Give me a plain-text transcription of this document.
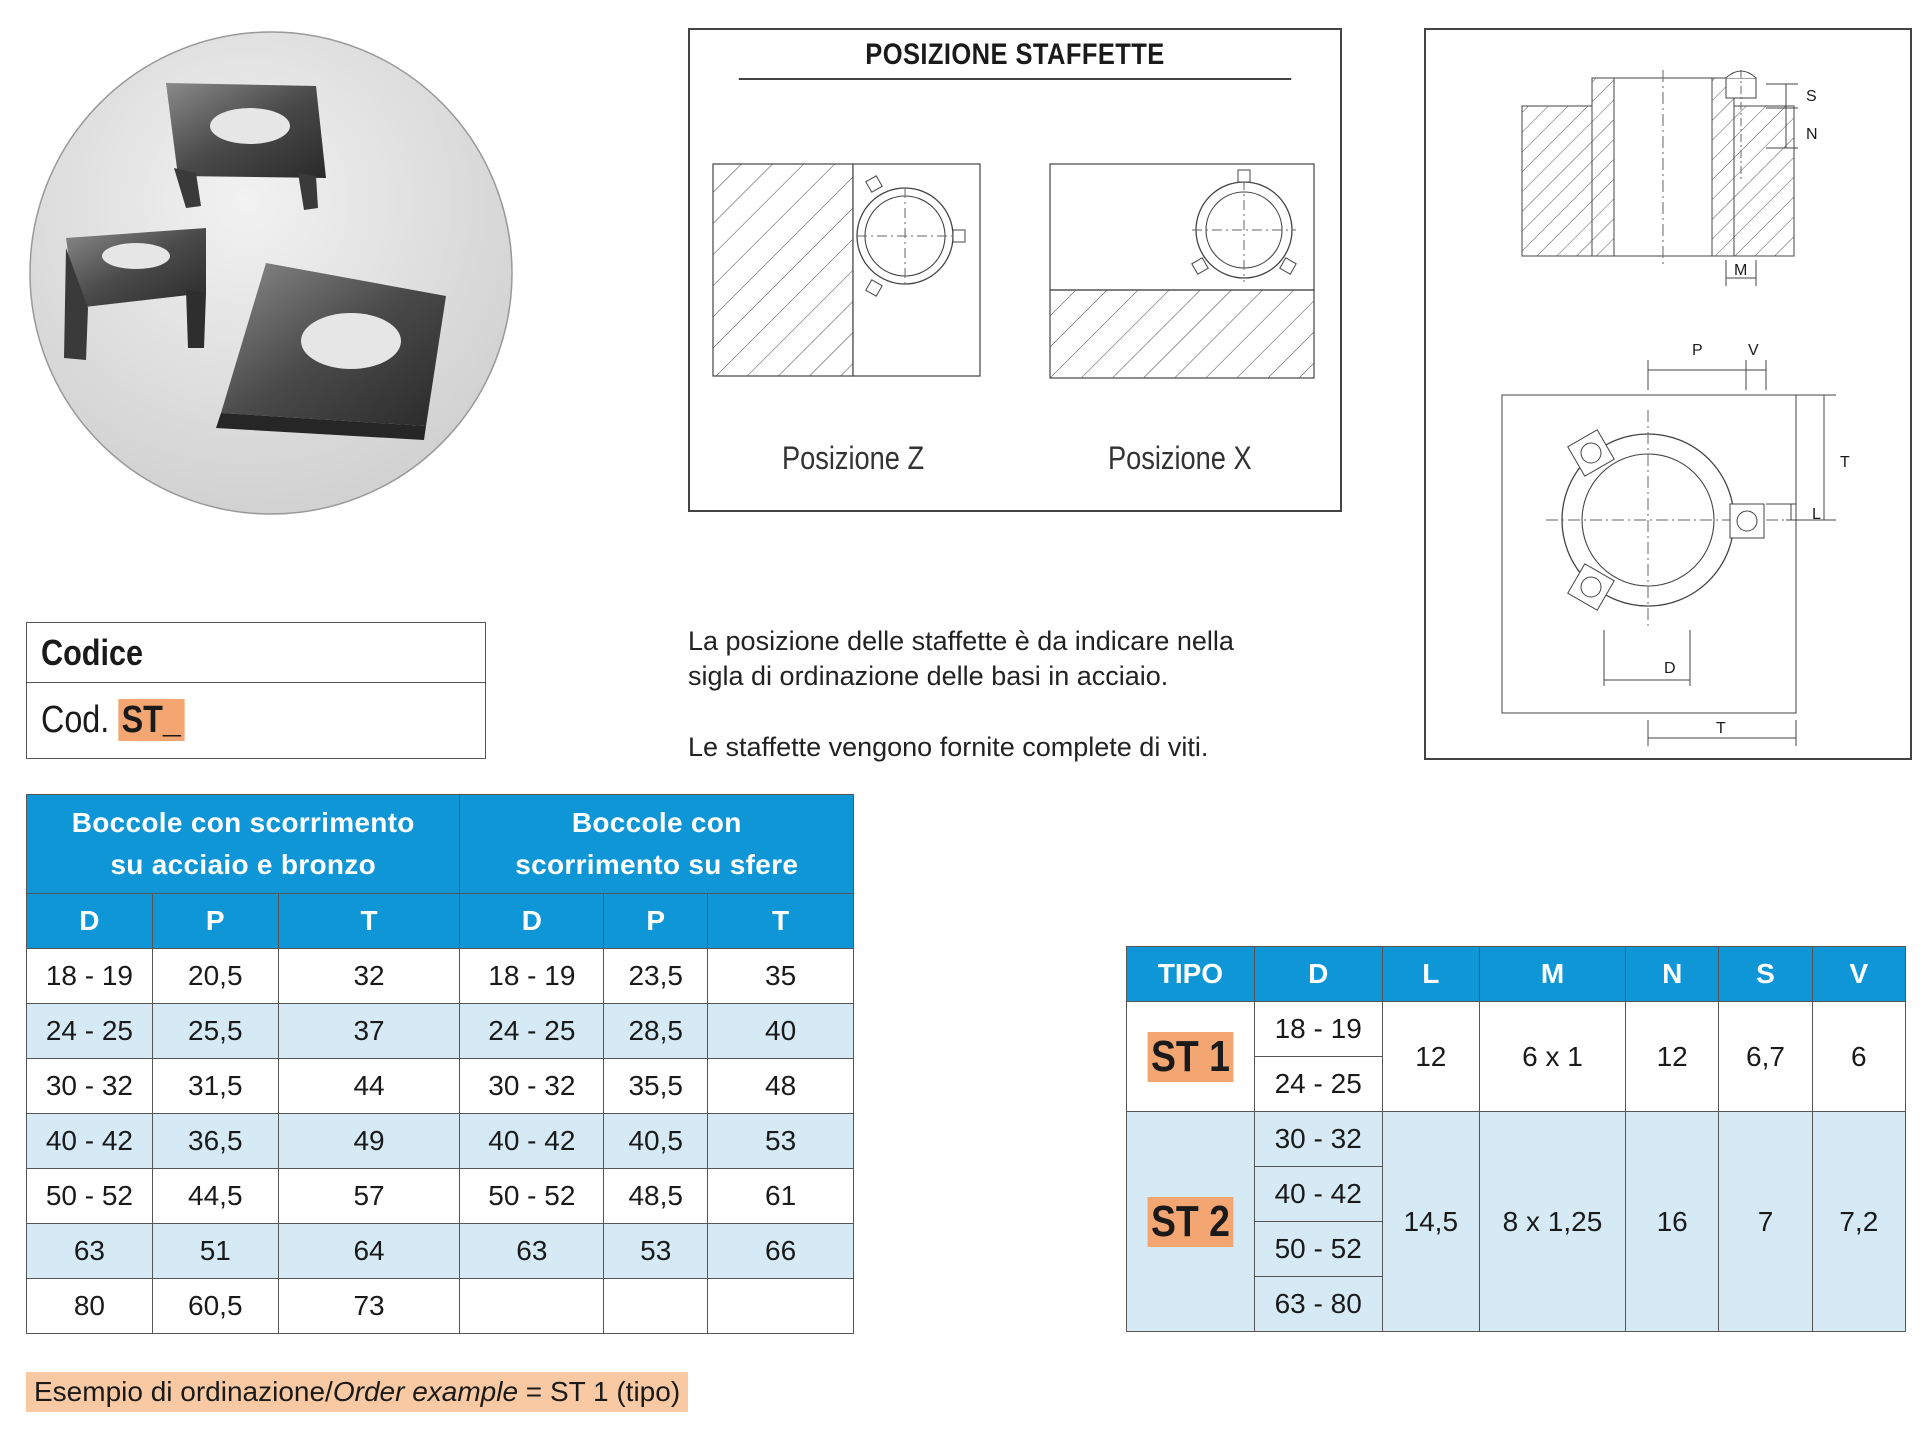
POSIZIONE STAFFETTE
Posizione Z	Posizione X
La posizione delle staffette è da indicare nella
sigla di ordinazione delle basi in acciaio.
Le staffette vengono fornite complete di viti.
S
N
M
P	V
T
L
D
T
Codice
Cod. ST_
Boccole con scorrimento
su acciaio e bronzo			Boccole con
scorrimento su sfere		
D	P	T	D	P	T
18 - 19	20,5	32	18 - 19	23,5	35
24 - 25	25,5	37	24 - 25	28,5	40
30 - 32	31,5	44	30 - 32	35,5	48
40 - 42	36,5	49	40 - 42	40,5	53
50 - 52	44,5	57	50 - 52	48,5	61
63	51	64	63	53	66
80	60,5	73			
TIPO	D	L	M	N	S	V
ST 1	18 - 19	12	6 x 1	12	6,7	6
	24 - 25					
ST 2	30 - 32	14,5	8 x 1,25	16	7	7,2
	40 - 42					
	50 - 52					
	63 - 80					
Esempio di ordinazione/Order example = ST 1 (tipo)
